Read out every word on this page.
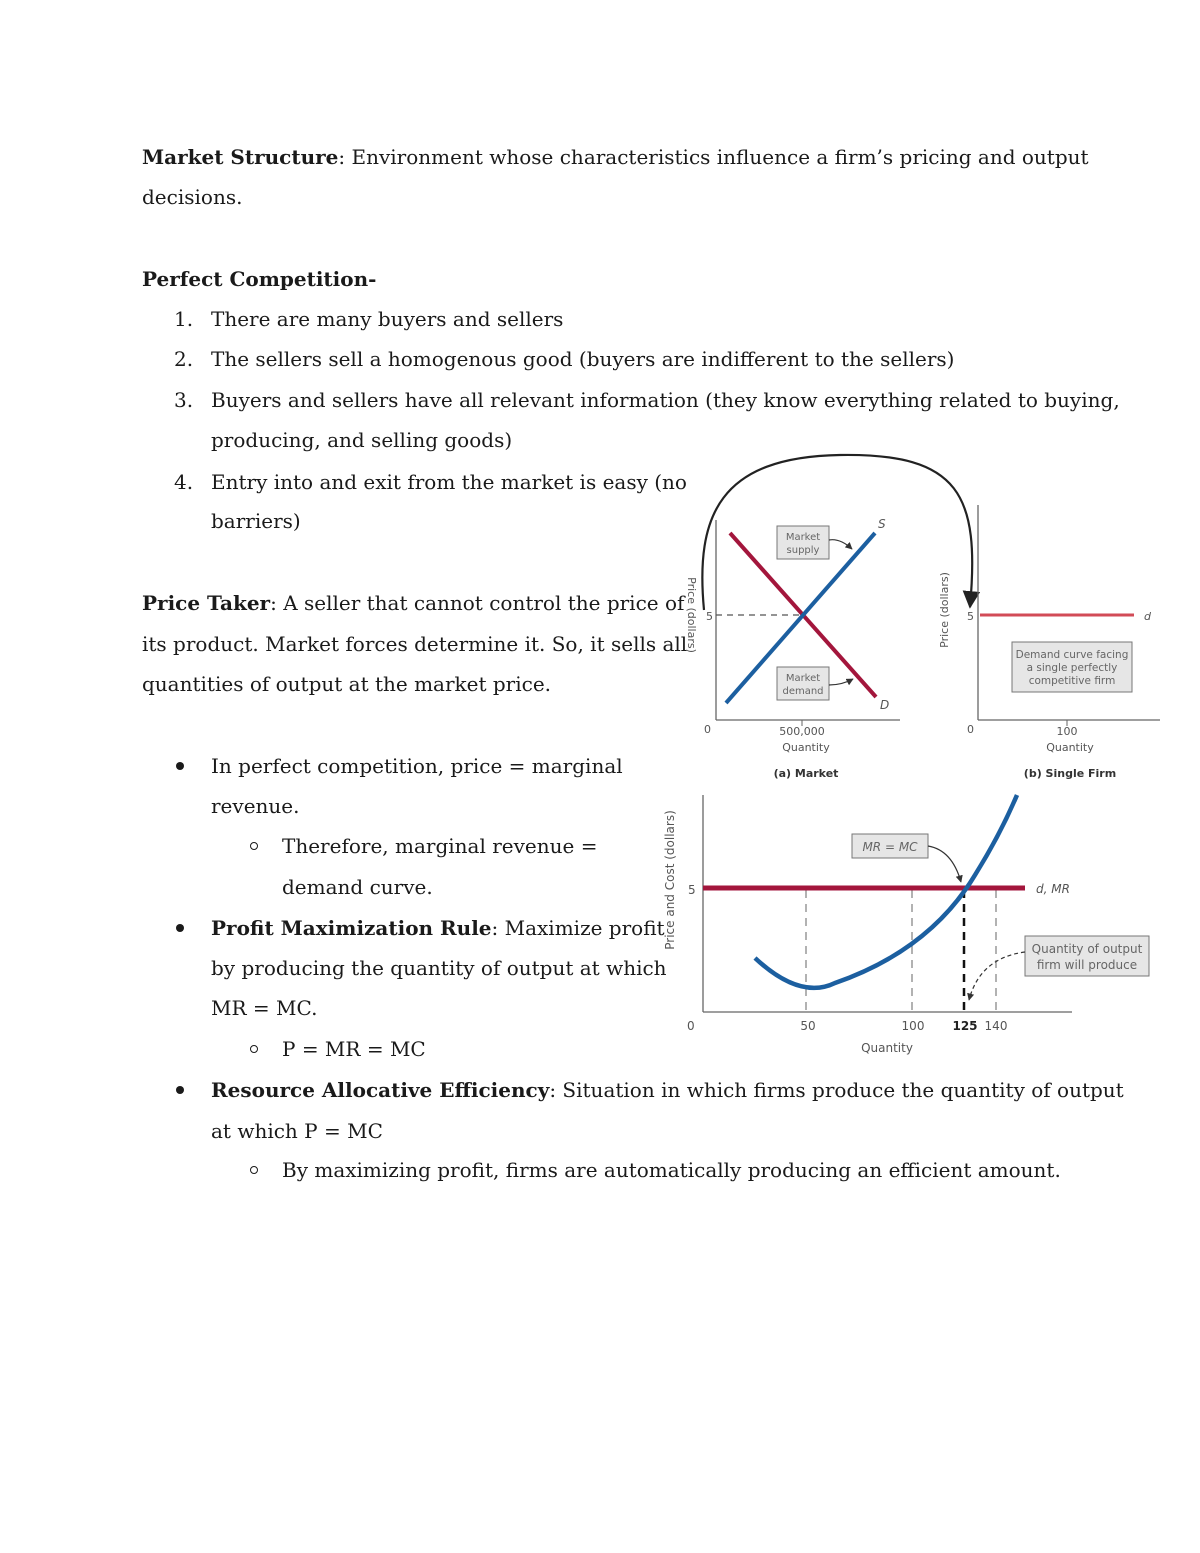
Market Structure: Environment whose characteristics influence a firm’s pricing and output
decisions.
Perfect Competition-
1. There are many buyers and sellers
2. The sellers sell a homogenous good (buyers are indifferent to the sellers)
3. Buyers and sellers have all relevant information (they know everything related to buying,
producing, and selling goods)
4. Entry into and exit from the market is easy (no
barriers)
Price Taker: A seller that cannot control the price of
its product. Market forces determine it. So, it sells all
quantities of output at the market price.
In perfect competition, price = marginal
revenue.
Therefore, marginal revenue =
demand curve.
Profit Maximization Rule: Maximize profit
by producing the quantity of output at which
MR = MC.
P = MR = MC
Resource Allocative Efficiency: Situation in which firms produce the quantity of output
at which P = MC
By maximizing profit, firms are automatically producing an efficient amount.
Price (dollars) 5
0	500,000
Quantity
(a) Market
S
D
Market
supply
Market
demand
Price (dollars) 5
0	100
Quantity
(b) Single Firm
d
Demand curve facing
a single perfectly
competitive firm
Price and Cost (dollars) 5
0	50	100 125 140
Quantity
d, MR
MR = MC
Quantity of output
firm will produce
